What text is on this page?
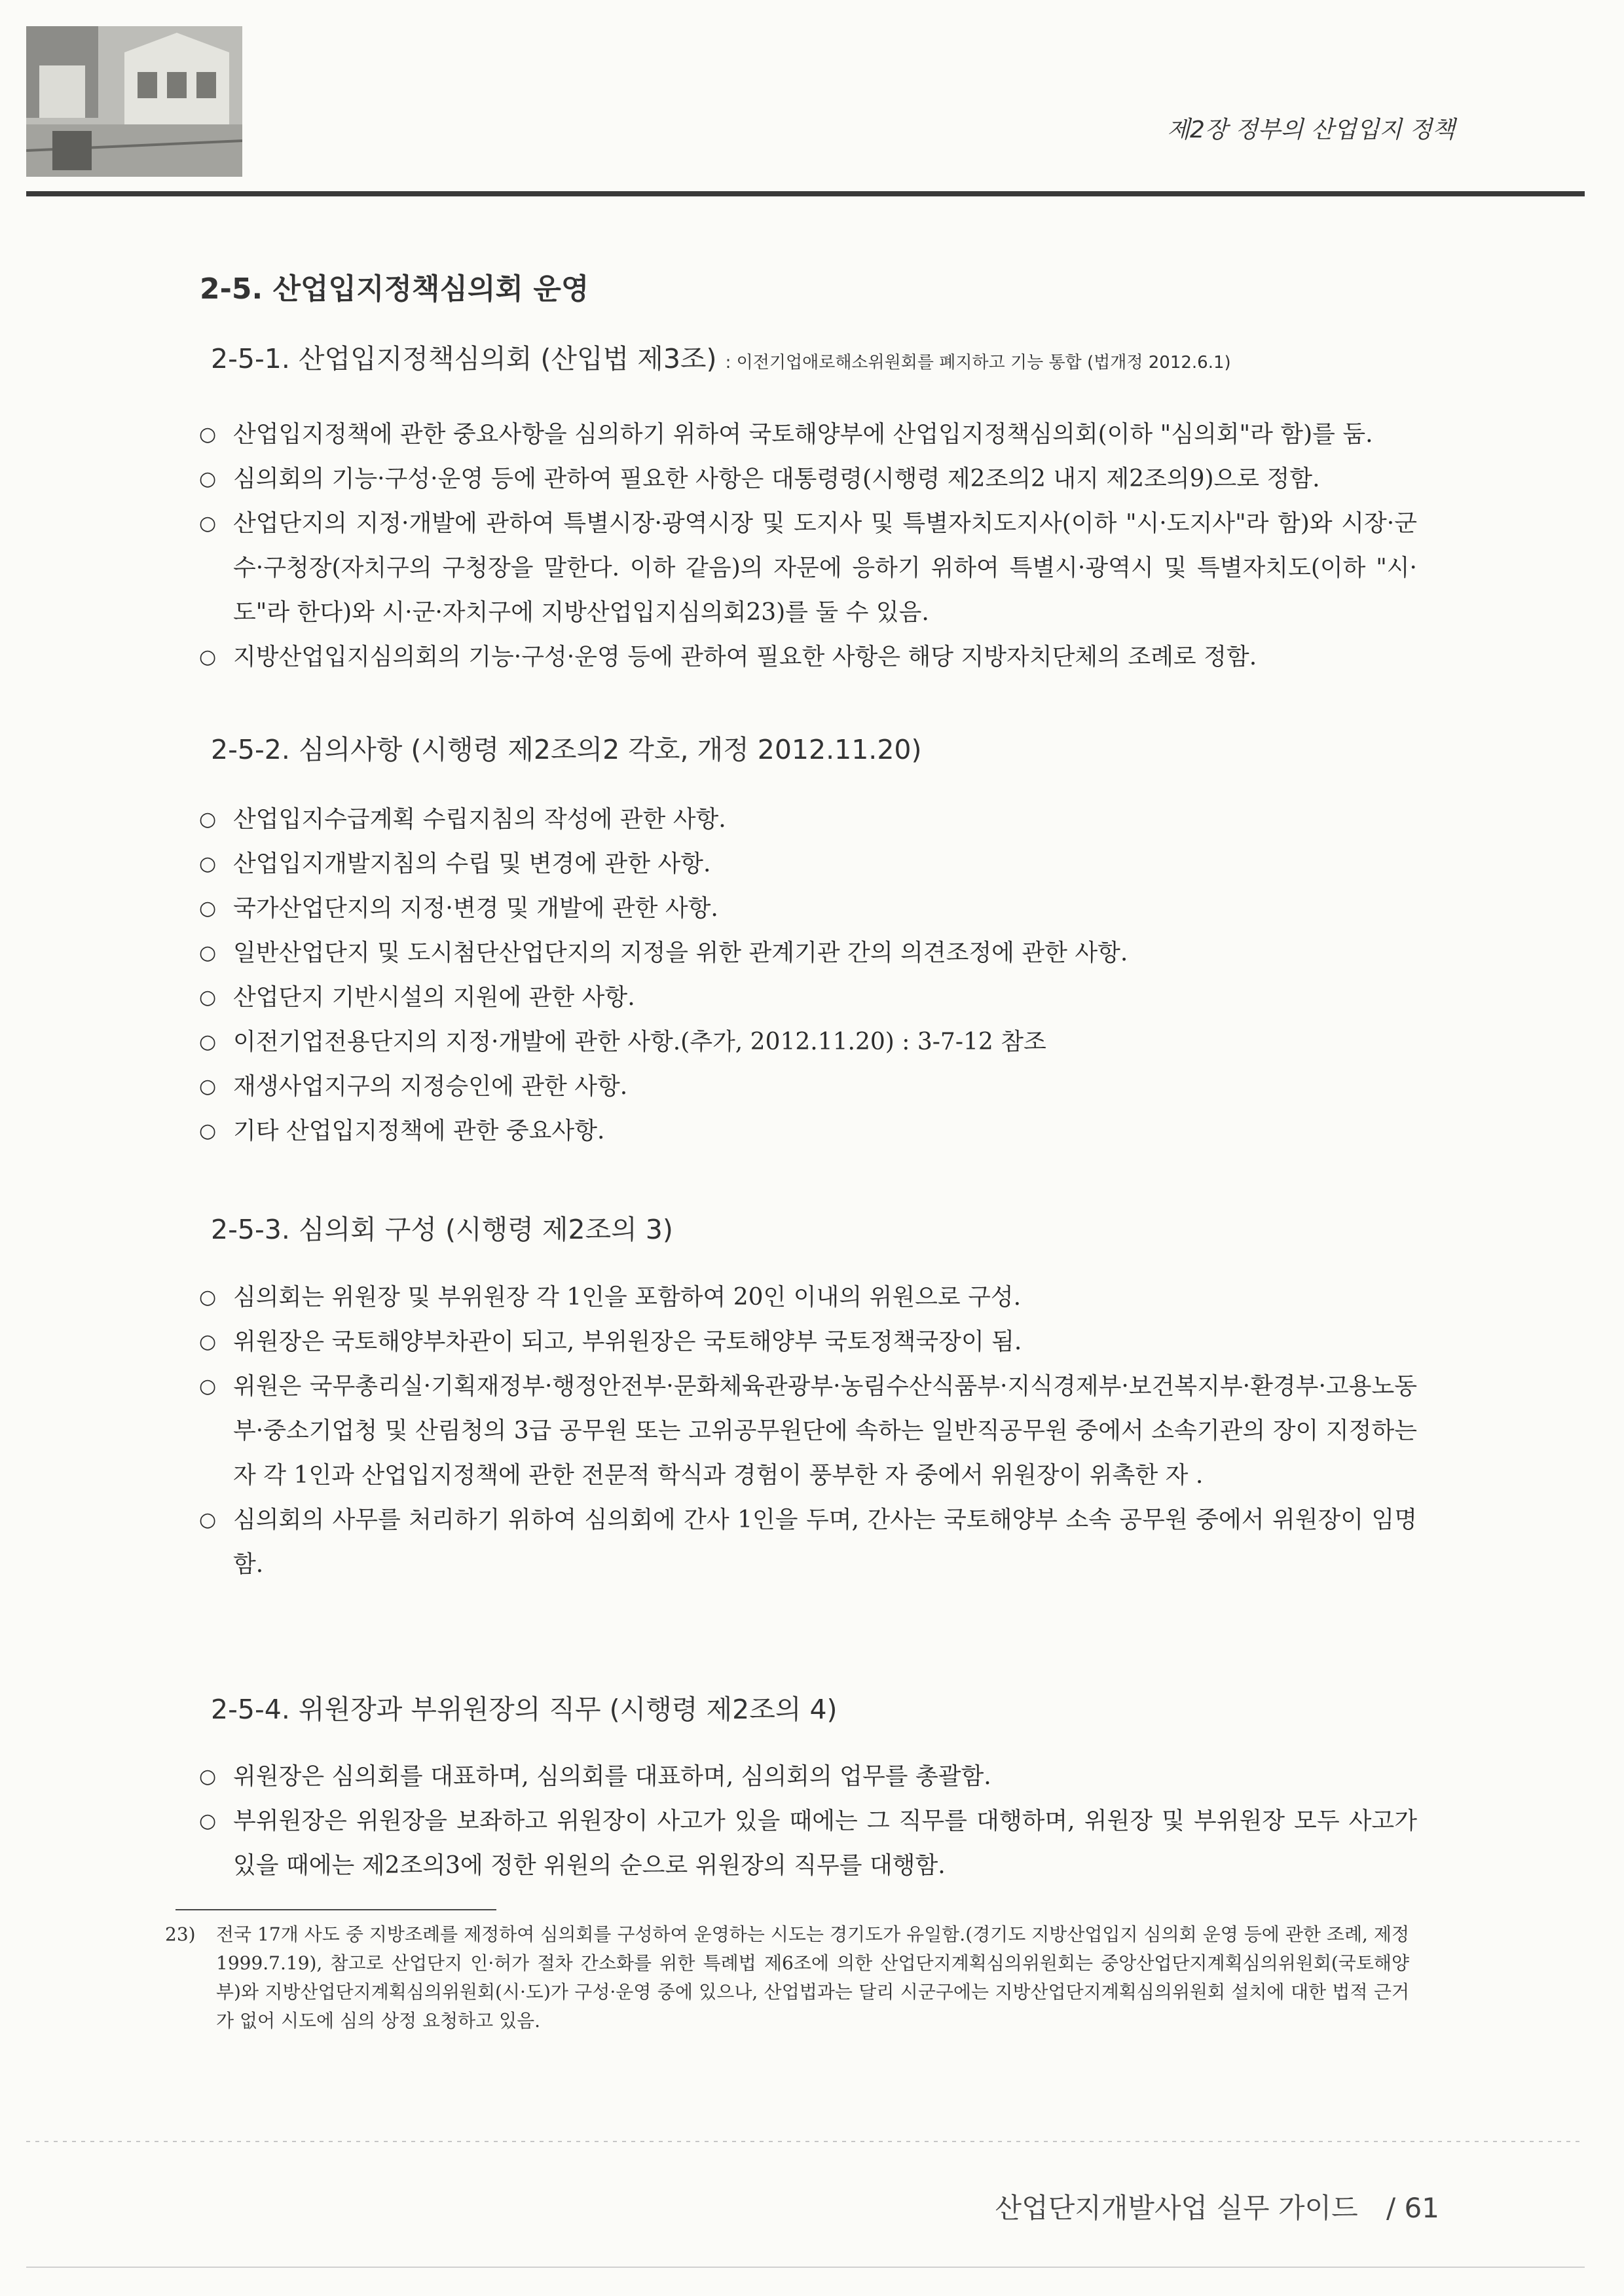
제2장 정부의 산업입지 정책
2-5. 산업입지정책심의회 운영
2-5-1. 산업입지정책심의회 (산입법 제3조) : 이전기업애로해소위원회를 폐지하고 기능 통합 (법개정 2012.6.1)
○ 산업입지정책에 관한 중요사항을 심의하기 위하여 국토해양부에 산업입지정책심의회(이하 "심의회"라 함)를 둠.
○ 심의회의 기능·구성·운영 등에 관하여 필요한 사항은 대통령령(시행령 제2조의2 내지 제2조의9)으로 정함.
○ 산업단지의 지정·개발에 관하여 특별시장·광역시장 및 도지사 및 특별자치도지사(이하 "시·도지사"라 함)와 시장·군수·구청장(자치구의 구청장을 말한다. 이하 같음)의 자문에 응하기 위하여 특별시·광역시 및 특별자치도(이하 "시·도"라 한다)와 시·군·자치구에 지방산업입지심의회23)를 둘 수 있음.
○ 지방산업입지심의회의 기능·구성·운영 등에 관하여 필요한 사항은 해당 지방자치단체의 조례로 정함.
2-5-2. 심의사항 (시행령 제2조의2 각호, 개정 2012.11.20)
○ 산업입지수급계획 수립지침의 작성에 관한 사항.
○ 산업입지개발지침의 수립 및 변경에 관한 사항.
○ 국가산업단지의 지정·변경 및 개발에 관한 사항.
○ 일반산업단지 및 도시첨단산업단지의 지정을 위한 관계기관 간의 의견조정에 관한 사항.
○ 산업단지 기반시설의 지원에 관한 사항.
○ 이전기업전용단지의 지정·개발에 관한 사항.(추가, 2012.11.20) : 3-7-12 참조
○ 재생사업지구의 지정승인에 관한 사항.
○ 기타 산업입지정책에 관한 중요사항.
2-5-3. 심의회 구성 (시행령 제2조의 3)
○ 심의회는 위원장 및 부위원장 각 1인을 포함하여 20인 이내의 위원으로 구성.
○ 위원장은 국토해양부차관이 되고, 부위원장은 국토해양부 국토정책국장이 됨.
○ 위원은 국무총리실·기획재정부·행정안전부·문화체육관광부·농림수산식품부·지식경제부·보건복지부·환경부·고용노동부·중소기업청 및 산림청의 3급 공무원 또는 고위공무원단에 속하는 일반직공무원 중에서 소속기관의 장이 지정하는 자 각 1인과 산업입지정책에 관한 전문적 학식과 경험이 풍부한 자 중에서 위원장이 위촉한 자 .
○ 심의회의 사무를 처리하기 위하여 심의회에 간사 1인을 두며, 간사는 국토해양부 소속 공무원 중에서 위원장이 임명함.
2-5-4. 위원장과 부위원장의 직무 (시행령 제2조의 4)
○ 위원장은 심의회를 대표하며, 심의회를 대표하며, 심의회의 업무를 총괄함.
○ 부위원장은 위원장을 보좌하고 위원장이 사고가 있을 때에는 그 직무를 대행하며, 위원장 및 부위원장 모두 사고가 있을 때에는 제2조의3에 정한 위원의 순으로 위원장의 직무를 대행함.
23)	전국 17개 사도 중 지방조례를 제정하여 심의회를 구성하여 운영하는 시도는 경기도가 유일함.(경기도 지방산업입지 심의회 운영 등에 관한 조례, 제정1999.7.19), 참고로 산업단지 인·허가 절차 간소화를 위한 특례법 제6조에 의한 산업단지계획심의위원회는 중앙산업단지계획심의위원회(국토해양부)와 지방산업단지계획심의위원회(시·도)가 구성·운영 중에 있으나, 산업법과는 달리 시군구에는 지방산업단지계획심의위원회 설치에 대한 법적 근거가 없어 시도에 심의 상정 요청하고 있음.
산업단지개발사업 실무 가이드 / 61
